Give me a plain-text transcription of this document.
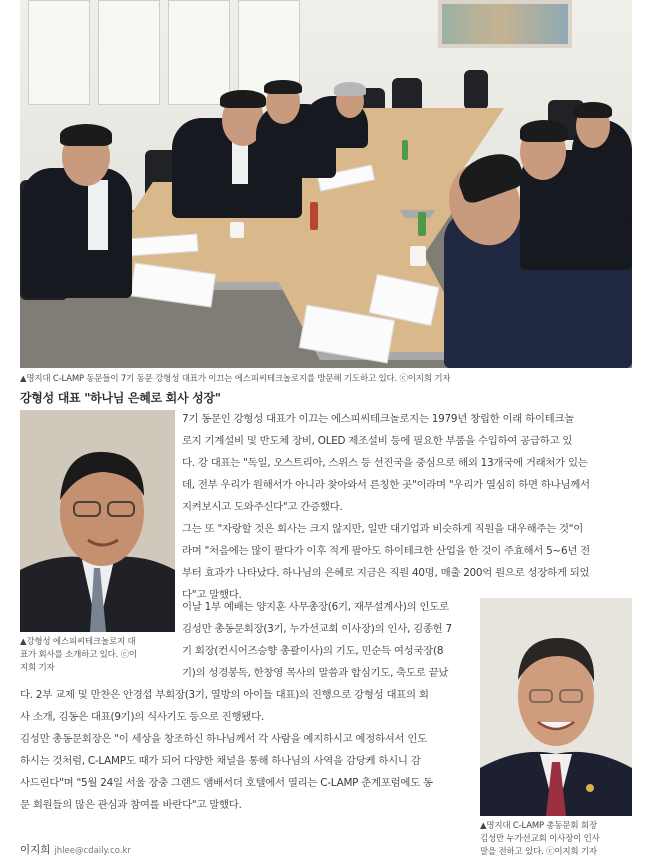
▲명지대 C-LAMP 동문들이 7기 동문 강형성 대표가 이끄는 에스피씨테크놀로지를 방문해 기도하고 있다. ⓒ이지희 기자
강형성 대표 "하나님 은혜로 회사 성장"
▲강형성 에스피씨테크놀로지 대
표가 회사를 소개하고 있다. ⓒ이
지희 기자
▲명지대 C-LAMP 총동문회 회장
김성만 누가선교회 이사장이 인사
말을 전하고 있다. ⓒ이지희 기자
7기 동문인 강형성 대표가 이끄는 에스피씨테크놀로지는 1979년 창립한 이래 하이테크놀
로지 기계설비 및 반도체 장비, OLED 제조설비 등에 필요한 부품을 수입하여 공급하고 있
다. 강 대표는 "독일, 오스트리아, 스위스 등 선진국을 중심으로 해외 13개국에 거래처가 있는
데, 전부 우리가 원해서가 아니라 찾아와서 른칭한 곳"이라며 "우리가 열심히 하면 하나님께서
지켜보시고 도와주신다"고 간증했다.
그는 또 "자랑할 것은 회사는 크지 않지만, 일반 대기업과 비슷하게 직원을 대우해주는 것"이
라며 "처음에는 많이 팔다가 이후 적게 팔아도 하이테크한 산업을 한 것이 주효해서 5~6년 전
부터 효과가 나타났다. 하나님의 은혜로 지금은 직원 40명, 매출 200억 원으로 성장하게 되었
다"고 말했다.
이날 1부 예배는 양지훈 사무총장(6기, 재무설계사)의 인도로
김성만 총동문회장(3기, 누가선교회 이사장)의 인사, 김종헌 7
기 회장(컨시어즈승향 총괄이사)의 기도, 민순득 여성국장(8
기)의 성경봉독, 한창영 목사의 말씀과 합심기도, 축도로 끝났
다. 2부 교제 및 만찬은 안경섭 부회장(3기, 열방의 아이들 대표)의 진행으로 강형성 대표의 회
사 소개, 김동은 대표(9기)의 식사기도 등으로 진행됐다.
김성만 총동문회장은 "이 세상을 창조하신 하나님께서 각 사람을 예지하시고 예정하셔서 인도
하시는 것처럼, C-LAMP도 때가 되어 다양한 채널을 통해 하나님의 사역을 감당케 하시니 감
사드린다"며 "5월 24일 서울 장충 그랜드 앰배서더 호텔에서 열리는 C-LAMP 춘계포럼에도 동
문 회원들의 많은 관심과 참여를 바란다"고 말했다.
이지희 jhlee@cdaily.co.kr
